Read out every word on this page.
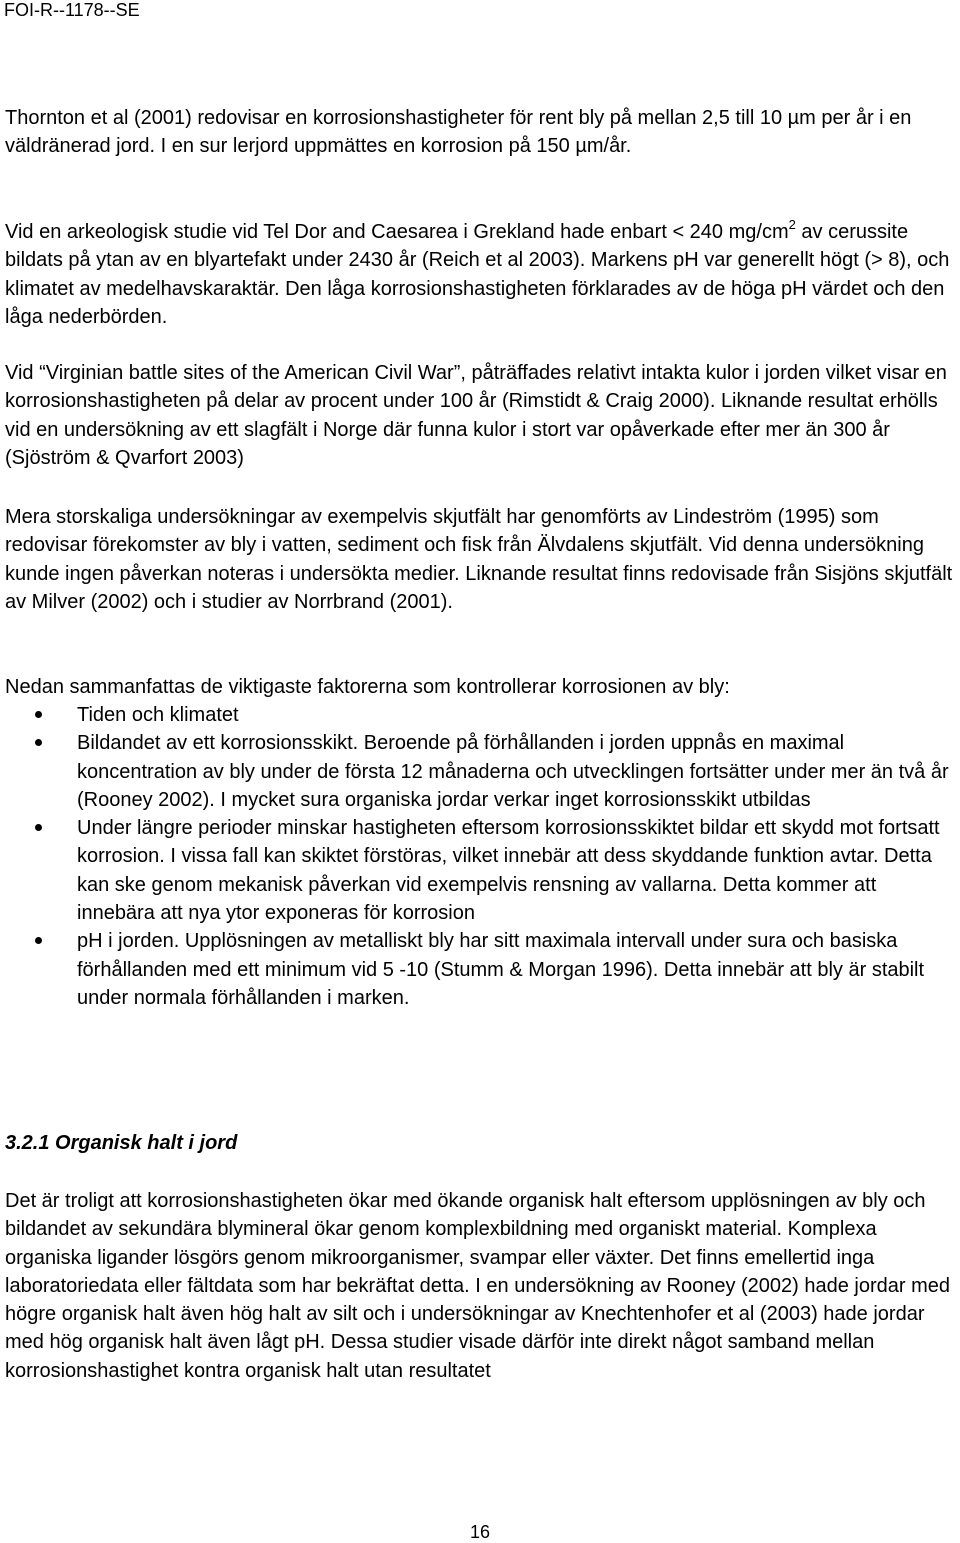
FOI-R--1178--SE

Thornton et al (2001) redovisar en korrosionshastigheter för rent bly på mellan 2,5 till 10 µm per år i en väldränerad jord. I en sur lerjord uppmättes en korrosion på 150 µm/år.

Vid en arkeologisk studie vid Tel Dor and Caesarea i Grekland hade enbart < 240 $mg/cm^2$ av cerussite bildats på ytan av en blyartefakt under 2430 år (Reich et al 2003). Markens pH var generellt högt (> 8), och klimatet av medelhavskaraktär. Den låga korrosionshastigheten förklarades av de höga pH värdet och den låga nederbörden.

Vid “Virginian battle sites of the American Civil War”, påträffades relativt intakta kulor i jorden vilket visar en korrosionshastigheten på delar av procent under 100 år (Rimstidt & Craig 2000). Liknande resultat erhölls vid en undersökning av ett slagfält i Norge där funna kulor i stort var opåverkade efter mer än 300 år (Sjöström & Qvarfort 2003)

Mera storskaliga undersökningar av exempelvis skjutfält har genomförts av Lindeström (1995) som redovisar förekomster av bly i vatten, sediment och fisk från Älvdalens skjutfält. Vid denna undersökning kunde ingen påverkan noteras i undersökta medier. Liknande resultat finns redovisade från Sisjöns skjutfält av Milver (2002) och i studier av Norrbrand (2001).

Nedan sammanfattas de viktigaste faktorerna som kontrollerar korrosionen av bly:

Tiden och klimatet
Bildandet av ett korrosionsskikt. Beroende på förhållanden i jorden uppnås en maximal koncentration av bly under de första 12 månaderna och utvecklingen fortsätter under mer än två år (Rooney 2002). I mycket sura organiska jordar verkar inget korrosionsskikt utbildas
Under längre perioder minskar hastigheten eftersom korrosionsskiktet bildar ett skydd mot fortsatt korrosion. I vissa fall kan skiktet förstöras, vilket innebär att dess skyddande funktion avtar. Detta kan ske genom mekanisk påverkan vid exempelvis rensning av vallarna. Detta kommer att innebära att nya ytor exponeras för korrosion
pH i jorden. Upplösningen av metalliskt bly har sitt maximala intervall under sura och basiska förhållanden med ett minimum vid 5 -10 (Stumm & Morgan 1996). Detta innebär att bly är stabilt under normala förhållanden i marken.
3.2.1 Organisk halt i jord

Det är troligt att korrosionshastigheten ökar med ökande organisk halt eftersom upplösningen av bly och bildandet av sekundära blymineral ökar genom komplexbildning med organiskt material. Komplexa organiska ligander lösgörs genom mikroorganismer, svampar eller växter. Det finns emellertid inga laboratoriedata eller fältdata som har bekräftat detta. I en undersökning av Rooney (2002) hade jordar med högre organisk halt även hög halt av silt och i undersökningar av Knechtenhofer et al (2003) hade jordar med hög organisk halt även lågt pH. Dessa studier visade därför inte direkt något samband mellan korrosionshastighet kontra organisk halt utan resultatet

16
